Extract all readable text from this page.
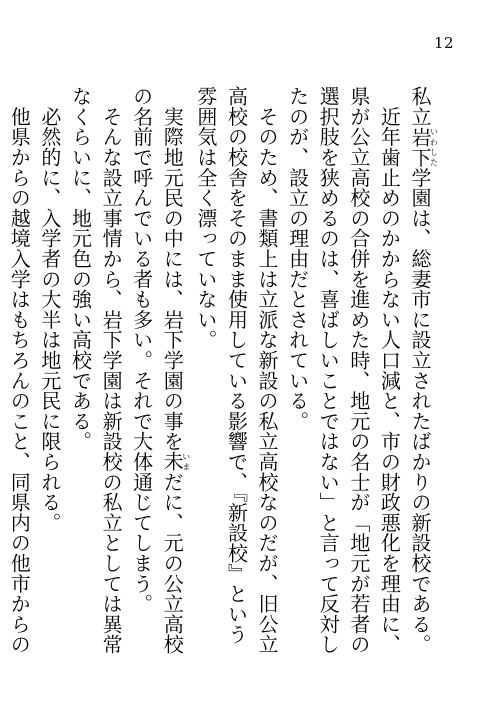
12

私立岩下いわした学園は、総妻市に設立されたばかりの新設校である。

　近年歯止めのかからない人口減と、市の財政悪化を理由に、県が公立高校の合併を進めた時、地元の名士が「地元が若者の選択肢を狭めるのは、喜ばしいことではない」と言って反対したのが、設立の理由だとされている。

　そのため、書類上は立派な新設の私立高校なのだが、旧公立高校の校舎をそのまま使用している影響で、『新設校』という雰囲気は全く漂っていない。

　実際地元民の中には、岩下学園の事を未いまだに、元の公立高校の名前で呼んでいる者も多い。それで大体通じてしまう。

　そんな設立事情から、岩下学園は新設校の私立としては異常なくらいに、地元色の強い高校である。

　必然的に、入学者の大半は地元民に限られる。

　他県からの越境入学はもちろんのこと、同県内の他市からの
